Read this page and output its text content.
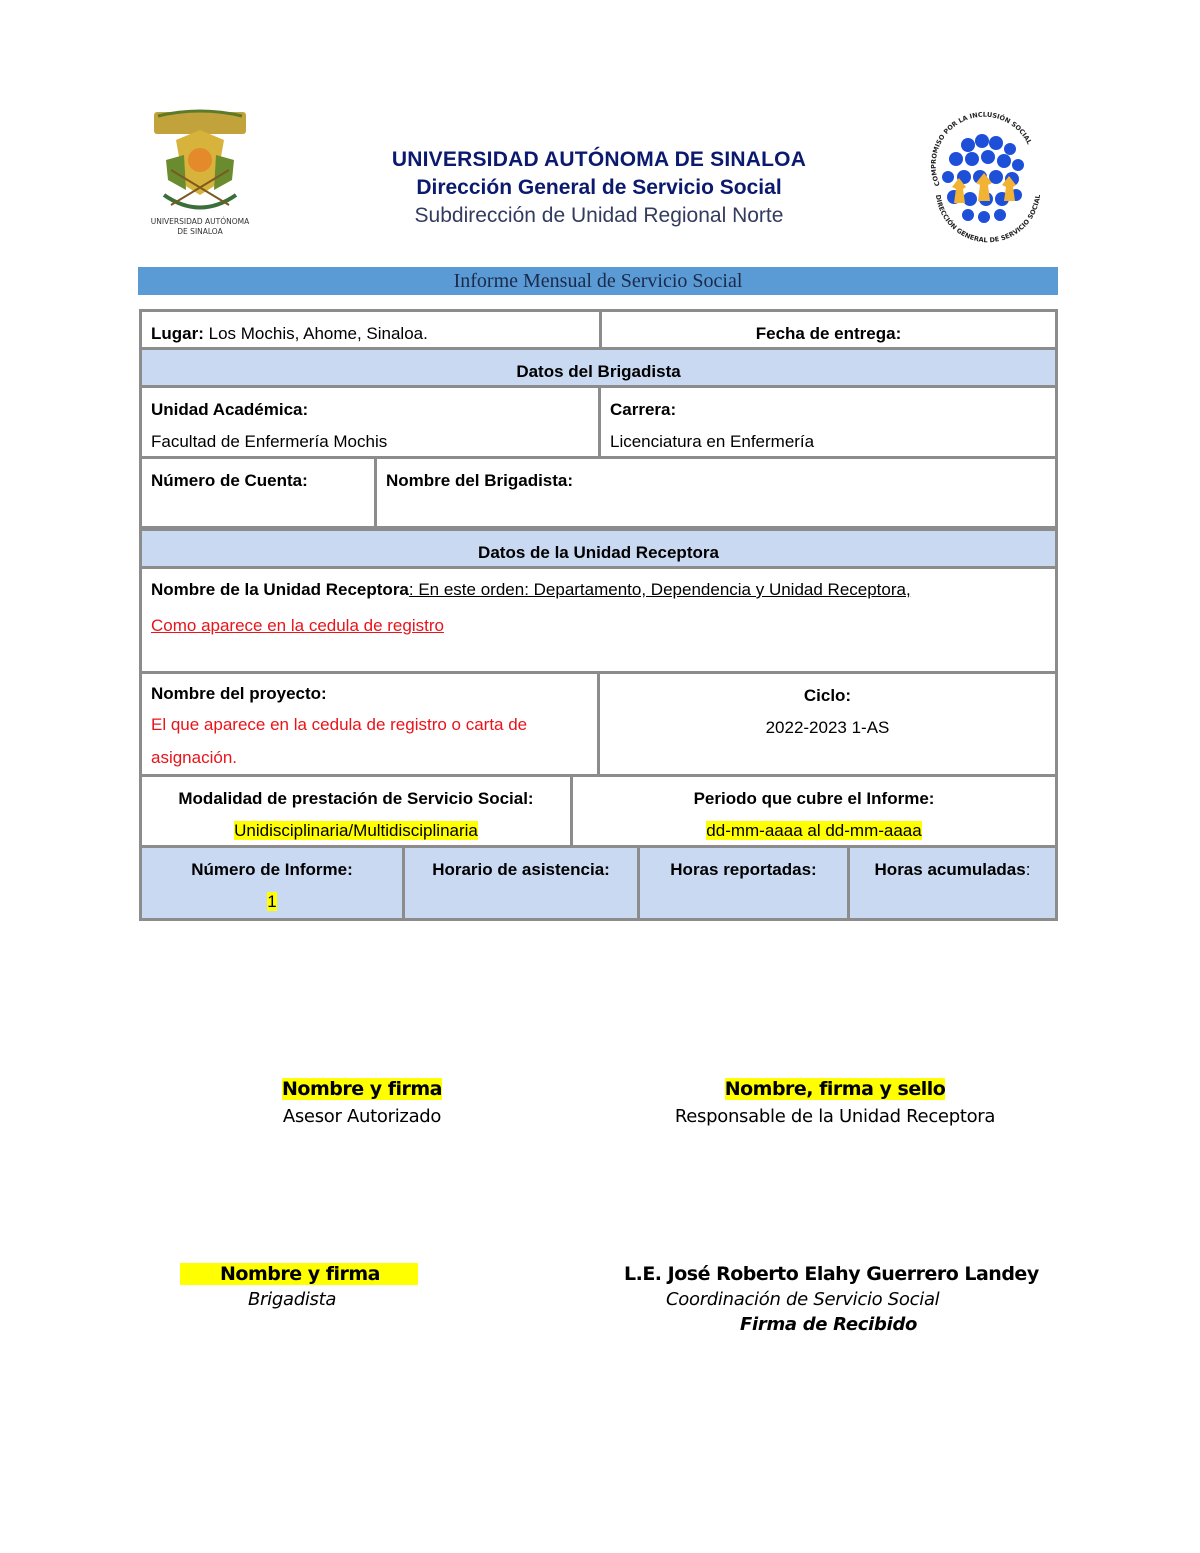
UNIVERSIDAD AUTÓNOMA
DE SINALOA
COMPROMISO POR LA INCLUSIÓN SOCIAL
DIRECCIÓN GENERAL DE SERVICIO SOCIAL
UNIVERSIDAD AUTÓNOMA DE SINALOA
Dirección General de Servicio Social
Subdirección de Unidad Regional Norte
Informe Mensual de Servicio Social
Lugar: Los Mochis, Ahome, Sinaloa.	Fecha de entrega:
Datos del Brigadista
Unidad Académica:
Facultad de Enfermería Mochis
Carrera:
Licenciatura en Enfermería
Número de Cuenta:	Nombre del Brigadista:
Datos de la Unidad Receptora
Nombre de la Unidad Receptora: En este orden: Departamento, Dependencia y Unidad Receptora,
Como aparece en la cedula de registro
Nombre del proyecto:
El que aparece en la cedula de registro o carta de asignación.
Ciclo:
2022-2023 1-AS
Modalidad de prestación de Servicio Social:
Unidisciplinaria/Multidisciplinaria
Periodo que cubre el Informe:
dd-mm-aaaa al dd-mm-aaaa
Número de Informe:
1
Horario de asistencia:	Horas reportadas:	Horas acumuladas:
Nombre y firma
Asesor Autorizado
Nombre, firma y sello
Responsable de la Unidad Receptora
Nombre y firma
Brigadista
L.E. José Roberto Elahy Guerrero Landey
Coordinación de Servicio Social
Firma de Recibido
